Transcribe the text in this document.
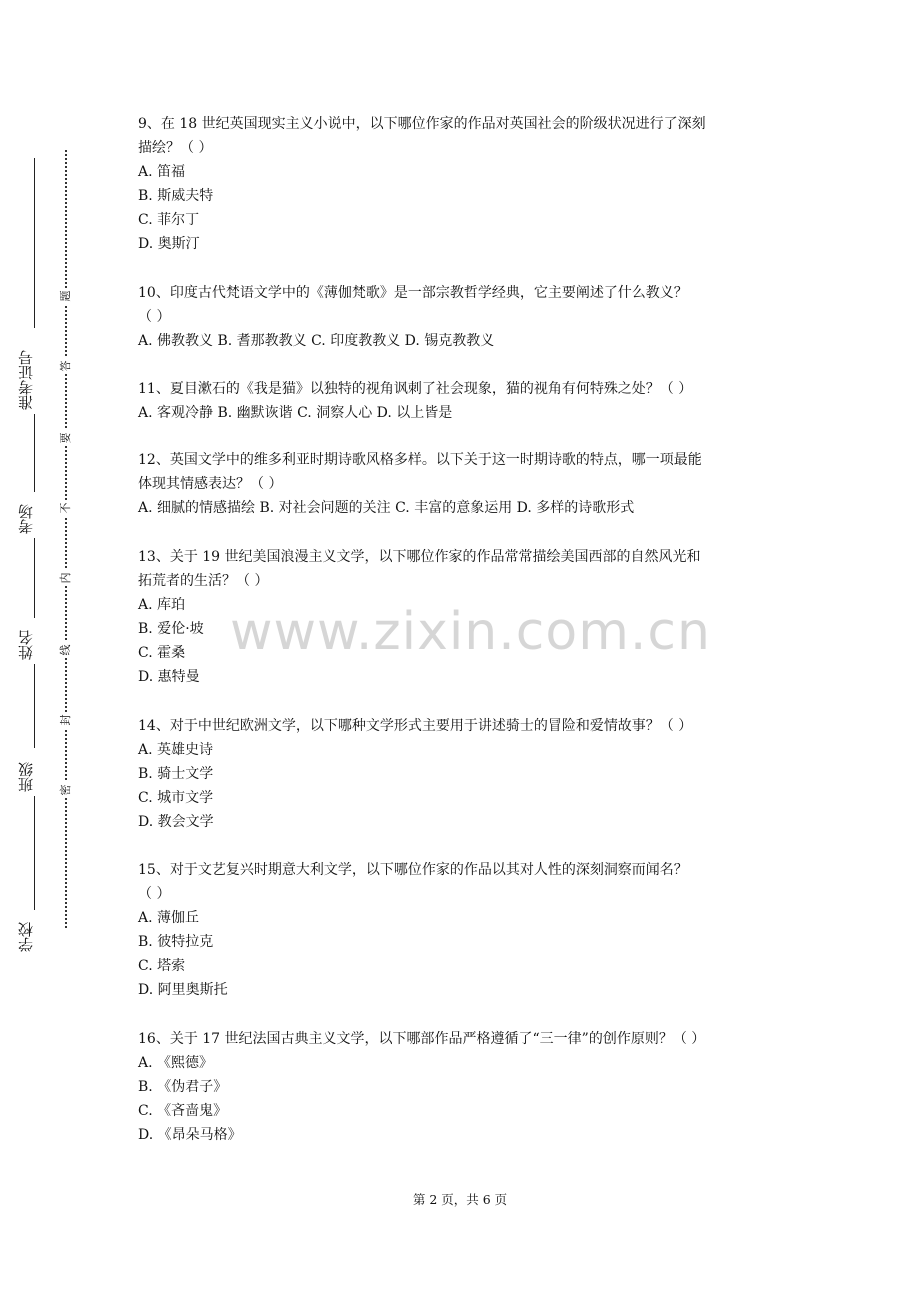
准考证号
考场
姓名
班级
学校
题
答
要
不
内
线
封
密
9、在 18 世纪英国现实主义小说中，以下哪位作家的作品对英国社会的阶级状况进行了深刻
描绘？（ ）
A. 笛福
B. 斯威夫特
C. 菲尔丁
D. 奥斯汀
10、印度古代梵语文学中的《薄伽梵歌》是一部宗教哲学经典，它主要阐述了什么教义？
（ ）
A. 佛教教义 B. 耆那教教义 C. 印度教教义 D. 锡克教教义
11、夏目漱石的《我是猫》以独特的视角讽刺了社会现象，猫的视角有何特殊之处？（ ）
A. 客观冷静 B. 幽默诙谐 C. 洞察人心 D. 以上皆是
12、英国文学中的维多利亚时期诗歌风格多样。以下关于这一时期诗歌的特点，哪一项最能
体现其情感表达？（ ）
A. 细腻的情感描绘 B. 对社会问题的关注 C. 丰富的意象运用 D. 多样的诗歌形式
13、关于 19 世纪美国浪漫主义文学，以下哪位作家的作品常常描绘美国西部的自然风光和
拓荒者的生活？（ ）
A. 库珀
B. 爱伦·坡
C. 霍桑
D. 惠特曼
14、对于中世纪欧洲文学，以下哪种文学形式主要用于讲述骑士的冒险和爱情故事？（ ）
A. 英雄史诗
B. 骑士文学
C. 城市文学
D. 教会文学
15、对于文艺复兴时期意大利文学，以下哪位作家的作品以其对人性的深刻洞察而闻名？
（ ）
A. 薄伽丘
B. 彼特拉克
C. 塔索
D. 阿里奥斯托
16、关于 17 世纪法国古典主义文学，以下哪部作品严格遵循了“三一律”的创作原则？（ ）
A. 《熙德》
B. 《伪君子》
C. 《吝啬鬼》
D. 《昂朵马格》
www.zixin.com.cn
第 2 页，共 6 页
